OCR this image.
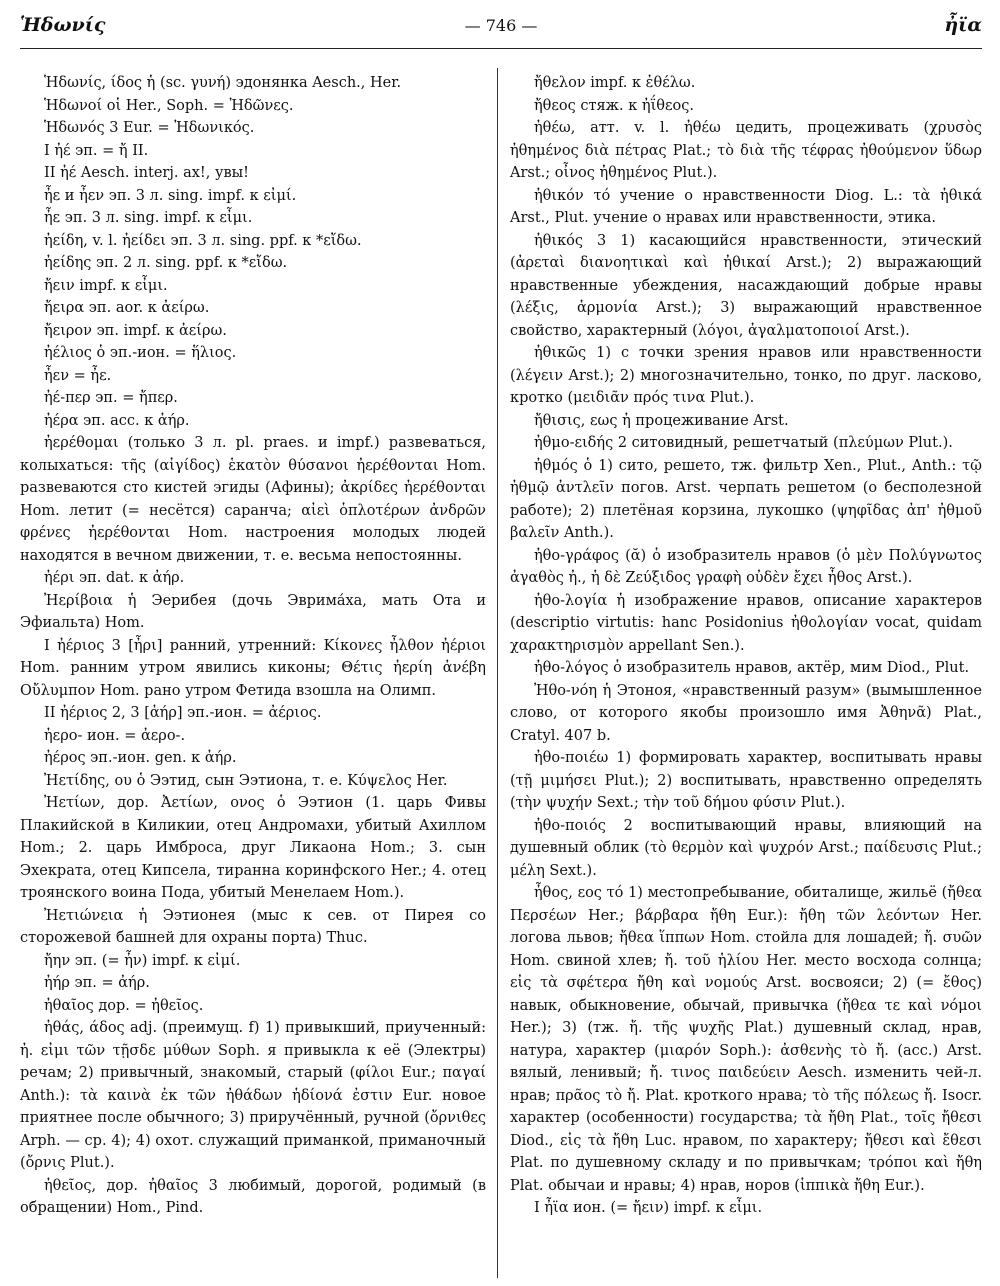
Ἡδωνίς	— 746 —	ἦϊα

Ἡδωνίς, ίδος ἡ (sc. γυνή) эдонянка Aesch., Her.

Ἡδωνοί οἱ Her., Soph. = Ἠδῶνες.

Ἡδωνός 3 Eur. = Ἠδωνικός.

I ἠέ эп. = ἤ II.

II ἠέ Aesch. interj. ах!, увы!

ἦε и ἦεν эп. 3 л. sing. impf. к εἰμί.

ἦε эп. 3 л. sing. impf. к εἶμι.

ἠείδη, v. l. ἠείδει эп. 3 л. sing. ppf. к *εἴδω.

ἠείδης эп. 2 л. sing. ppf. к *εἴδω.

ἤειν impf. к εἶμι.

ἤειρα эп. aor. к ἀείρω.

ἤειρον эп. impf. к ἀείρω.

ἠέλιος ὁ эп.-ион. = ἥλιος.

ἦεν = ἦε.

ἠέ-περ эп. = ἤπερ.

ἠέρα эп. acc. к ἀήρ.

ἠερέθομαι (только 3 л. pl. praes. и impf.) развеваться, колыхаться: τῆς (αἰγίδος) ἑκατὸν θύσανοι ἠερέθονται Hom. развеваются сто кистей эгиды (Афины); ἀκρίδες ἠερέθονται Hom. летит (= несётся) саранча; αἰεὶ ὁπλοτέρων ἀνδρῶν φρένες ἠερέθονται Hom. настроения молодых людей находятся в вечном движении, т. е. весьма непостоянны.

ἠέρι эп. dat. к ἀήρ.

Ἠερίβοια ἡ Эерибея (дочь Эврима́ха, мать Ота и Эфиальта) Hom.

I ἠέριος 3 [ἦρι] ранний, утренний: Κίκονες ἦλθον ἠέριοι Hom. ранним утром явились киконы; Θέτις ἠερίη ἀνέβη Οὔλυμπον Hom. рано утром Фетида взошла на Олимп.

II ἠέριος 2, 3 [ἀήρ] эп.-ион. = ἀέριος.

ἠερο- ион. = ἀερο-.

ἠέρος эп.-ион. gen. к ἀήρ.

Ἠετίδης, ου ὁ Ээтид, сын Ээтиона, т. е. Κύψελος Her.

Ἠετίων, дор. Ἀετίων, ονος ὁ Ээтион (1. царь Фивы Плакийской в Киликии, отец Андромахи, убитый Ахиллом Hom.; 2. царь Имброса, друг Ликаона Hom.; 3. сын Эхекрата, отец Кипсела, тиранна коринфского Her.; 4. отец троянского воина Пода, убитый Менелаем Hom.).

Ἠετιώνεια ἡ Ээтионея (мыс к сев. от Пирея со сторожевой башней для охраны порта) Thuc.

ἤην эп. (= ἦν) impf. к εἰμί.

ἠήρ эп. = ἀήρ.

ἠθαῖος дор. = ἠθεῖος.

ἠθάς, άδος adj. (преимущ. f) 1) привыкший, приученный: ἠ. εἰμι τῶν τῇσδε μύθων Soph. я привыкла к её (Электры) речам; 2) привычный, знакомый, старый (φίλοι Eur.; παγαί Anth.): τὰ καινὰ ἐκ τῶν ἠθάδων ἡδίονά ἐστιν Eur. новое приятнее после обычного; 3) приручённый, ручной (ὄρνιθες Arph. — ср. 4); 4) охот. служащий приманкой, приманочный (ὄρνις Plut.).

ἠθεῖος, дор. ἠθαῖος 3 любимый, дорогой, родимый (в обращении) Hom., Pind.

ἤθελον impf. к ἐθέλω.

ἤθεος стяж. к ἠΐθεος.

ἠθέω, атт. v. l. ἠθέω цедить, процеживать (χρυσὸς ἠθημένος διὰ πέτρας Plat.; τὸ διὰ τῆς τέφρας ἠθούμενον ὕδωρ Arst.; οἶνος ἠθημένος Plut.).

ἠθικόν τό учение о нравственности Diog. L.: τὰ ἠθικά Arst., Plut. учение о нравах или нравственности, этика.

ἠθικός 3 1) касающийся нравственности, этический (ἀρεταὶ διανοητικαὶ καὶ ἠθικαί Arst.); 2) выражающий нравственные убеждения, насаждающий добрые нравы (λέξις, ἁρμονία Arst.); 3) выражающий нравственное свойство, характерный (λόγοι, ἀγαλματοποιοί Arst.).

ἠθικῶς 1) с точки зрения нравов или нравственности (λέγειν Arst.); 2) многозначительно, тонко, по друг. ласково, кротко (μειδιᾶν πρός τινα Plut.).

ἤθισις, εως ἡ процеживание Arst.

ἠθμο-ειδής 2 ситовидный, решетчатый (πλεύμων Plut.).

ἠθμός ὁ 1) сито, решето, тж. фильтр Xen., Plut., Anth.: τῷ ἠθμῷ ἀντλεῖν погов. Arst. черпать решетом (о бесполезной работе); 2) плетёная корзина, лукошко (ψηφῖδας ἀπ' ἠθμοῦ βαλεῖν Anth.).

ἠθο-γράφος (ᾰ) ὁ изобразитель нравов (ὁ μὲν Πολύγνωτος ἀγαθὸς ἠ., ἡ δὲ Ζεύξιδος γραφὴ οὐδὲν ἔχει ἦθος Arst.).

ἠθο-λογία ἡ изображение нравов, описание характеров (descriptio virtutis: hanc Posidonius ἠθολογίαν vocat, quidam χαρακτηρισμὸν appellant Sen.).

ἠθο-λόγος ὁ изобразитель нравов, актёр, мим Diod., Plut.

Ἠθο-νόη ἡ Этоноя, «нравственный разум» (вымышленное слово, от которого якобы произошло имя Ἀθηνᾶ) Plat., Cratyl. 407 b.

ἠθο-ποιέω 1) формировать характер, воспитывать нравы (τῇ μιμήσει Plut.); 2) воспитывать, нравственно определять (τὴν ψυχήν Sext.; τὴν τοῦ δήμου φύσιν Plut.).

ἠθο-ποιός 2 воспитывающий нравы, влияющий на душевный облик (τὸ θερμὸν καὶ ψυχρόν Arst.; παίδευσις Plut.; μέλη Sext.).

ἦθος, εος τό 1) местопребывание, обиталище, жильё (ἤθεα Περσέων Her.; βάρβαρα ἤθη Eur.): ἤθη τῶν λεόντων Her. логова львов; ἤθεα ἵππων Hom. стойла для лошадей; ἤ. συῶν Hom. свиной хлев; ἤ. τοῦ ἡλίου Her. место восхода солнца; εἰς τὰ σφέτερα ἤθη καὶ νομούς Arst. восвояси; 2) (= ἔθος) навык, обыкновение, обычай, привычка (ἤθεα τε καὶ νόμοι Her.); 3) (тж. ἤ. τῆς ψυχῆς Plat.) душевный склад, нрав, натура, характер (μιαρόν Soph.): ἀσθενὴς τὸ ἤ. (acc.) Arst. вялый, ленивый; ἤ. τινος παιδεύειν Aesch. изменить чей-л. нрав; πρᾶος τὸ ἤ. Plat. кроткого нрава; τὸ τῆς πόλεως ἤ. Isocr. характер (особенности) государства; τὰ ἤθη Plat., τοῖς ἤθεσι Diod., εἰς τὰ ἤθη Luc. нравом, по характеру; ἤθεσι καὶ ἔθεσι Plat. по душевному складу и по привычкам; τρόποι καὶ ἤθη Plat. обычаи и нравы; 4) нрав, норов (ἱππικὰ ἤθη Eur.).

I ἦϊα ион. (= ἤειν) impf. к εἶμι.
